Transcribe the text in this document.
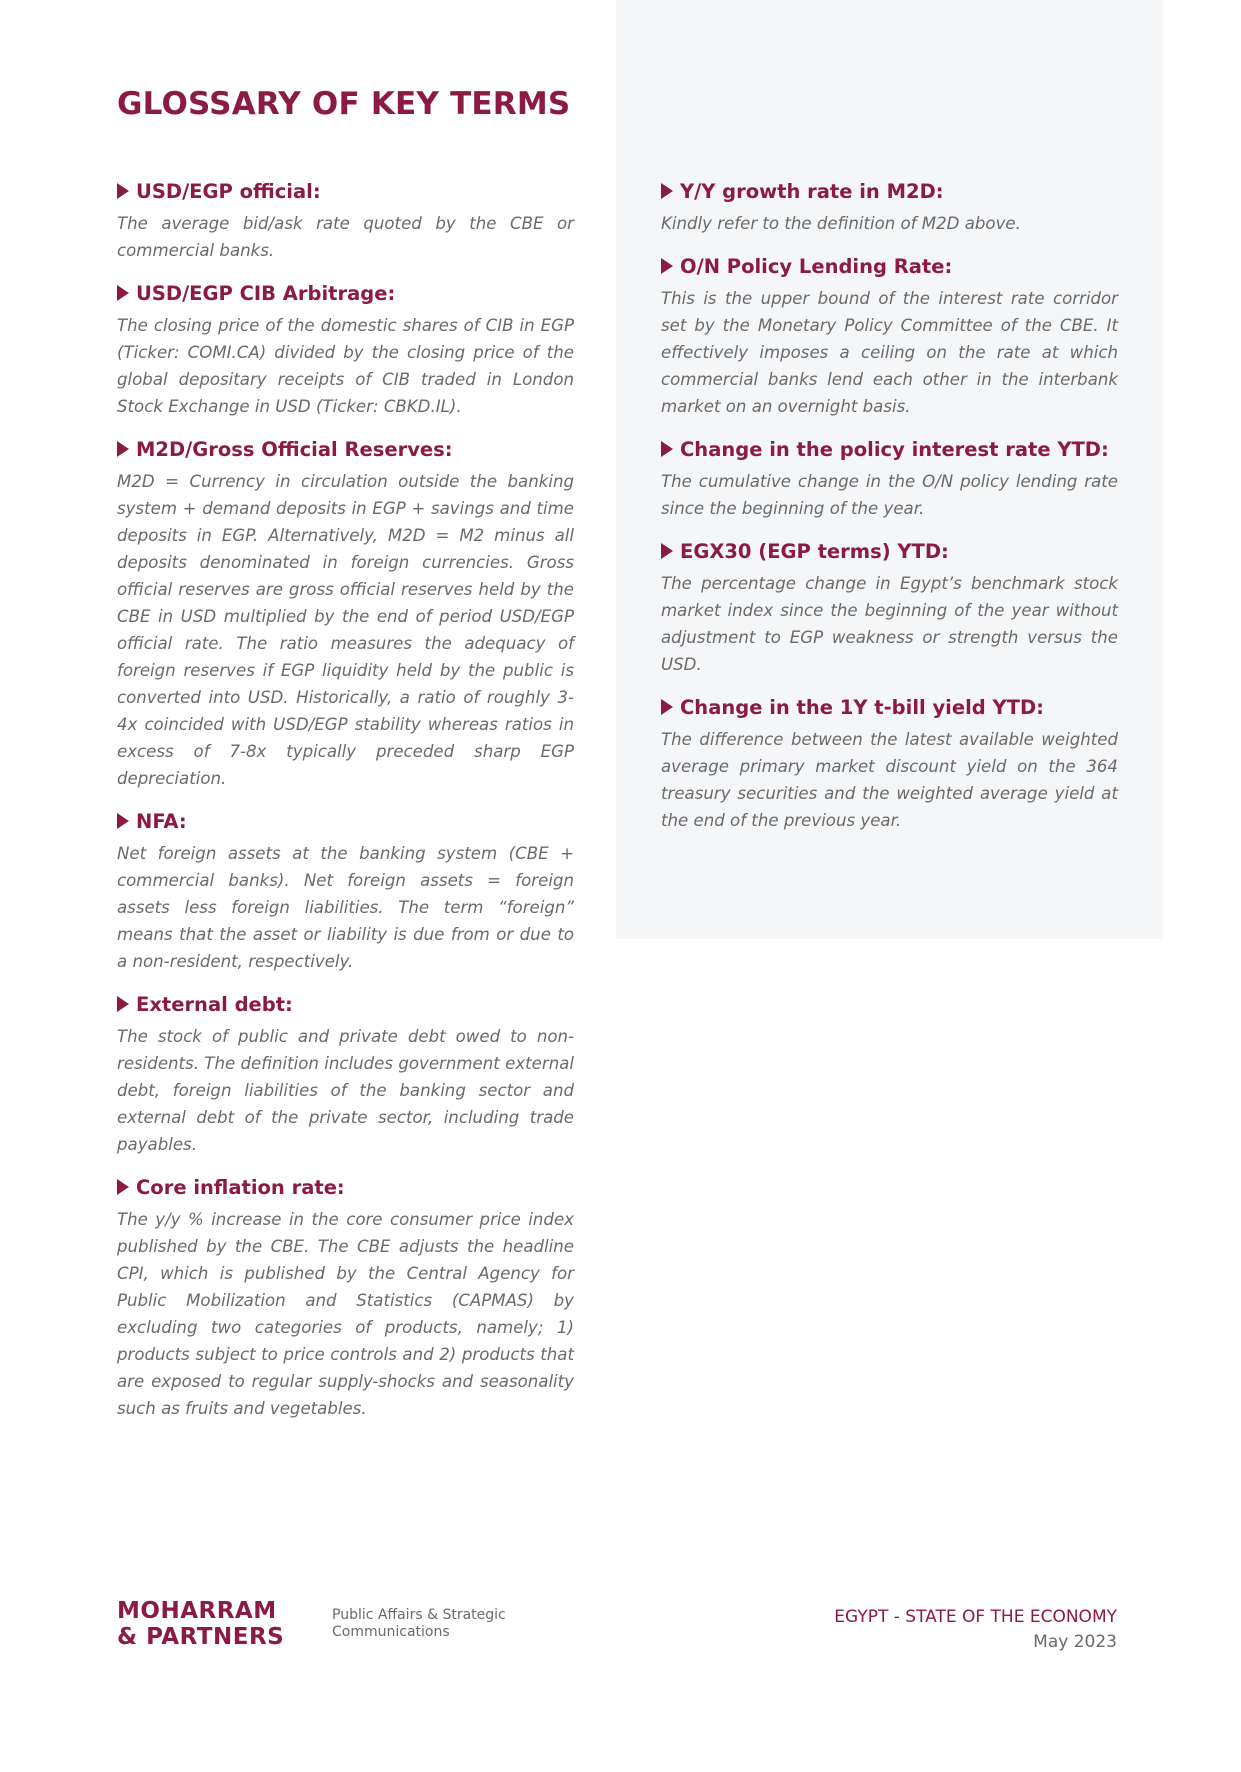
GLOSSARY OF KEY TERMS
USD/EGP official:

The average bid/ask rate quoted by the CBE or commercial banks.

USD/EGP CIB Arbitrage:

The closing price of the domestic shares of CIB in EGP (Ticker: COMI.CA) divided by the closing price of the global depositary receipts of CIB traded in London Stock Exchange in USD (Ticker: CBKD.IL).

M2D/Gross Official Reserves:

M2D = Currency in circulation outside the banking system + demand deposits in EGP + savings and time deposits in EGP. Alternatively, M2D = M2 minus all deposits denominated in foreign currencies. Gross official reserves are gross official reserves held by the CBE in USD multiplied by the end of period USD/EGP official rate. The ratio measures the adequacy of foreign reserves if EGP liquidity held by the public is converted into USD. Historically, a ratio of roughly 3-4x coincided with USD/EGP stability whereas ratios in excess of 7-8x typically preceded sharp EGP depreciation.

NFA:

Net foreign assets at the banking system (CBE + commercial banks). Net foreign assets = foreign assets less foreign liabilities. The term “foreign” means that the asset or liability is due from or due to a non-resident, respectively.

External debt:

The stock of public and private debt owed to non-residents. The definition includes government external debt, foreign liabilities of the banking sector and external debt of the private sector, including trade payables.

Core inflation rate:

The y/y % increase in the core consumer price index published by the CBE. The CBE adjusts the headline CPI, which is published by the Central Agency for Public Mobilization and Statistics (CAPMAS) by excluding two categories of products, namely; 1) products subject to price controls and 2) products that are exposed to regular supply-shocks and seasonality such as fruits and vegetables.

Y/Y growth rate in M2D:

Kindly refer to the definition of M2D above.

O/N Policy Lending Rate:

This is the upper bound of the interest rate corridor set by the Monetary Policy Committee of the CBE. It effectively imposes a ceiling on the rate at which commercial banks lend each other in the interbank market on an overnight basis.

Change in the policy interest rate YTD:

The cumulative change in the O/N policy lending rate since the beginning of the year.

EGX30 (EGP terms) YTD:

The percentage change in Egypt’s benchmark stock market index since the beginning of the year without adjustment to EGP weakness or strength versus the USD.

Change in the 1Y t-bill yield YTD:

The difference between the latest available weighted average primary market discount yield on the 364 treasury securities and the weighted average yield at the end of the previous year.

MOHARRAM
& PARTNERS
Public Affairs & Strategic
Communications
EGYPT - STATE OF THE ECONOMY
May 2023
